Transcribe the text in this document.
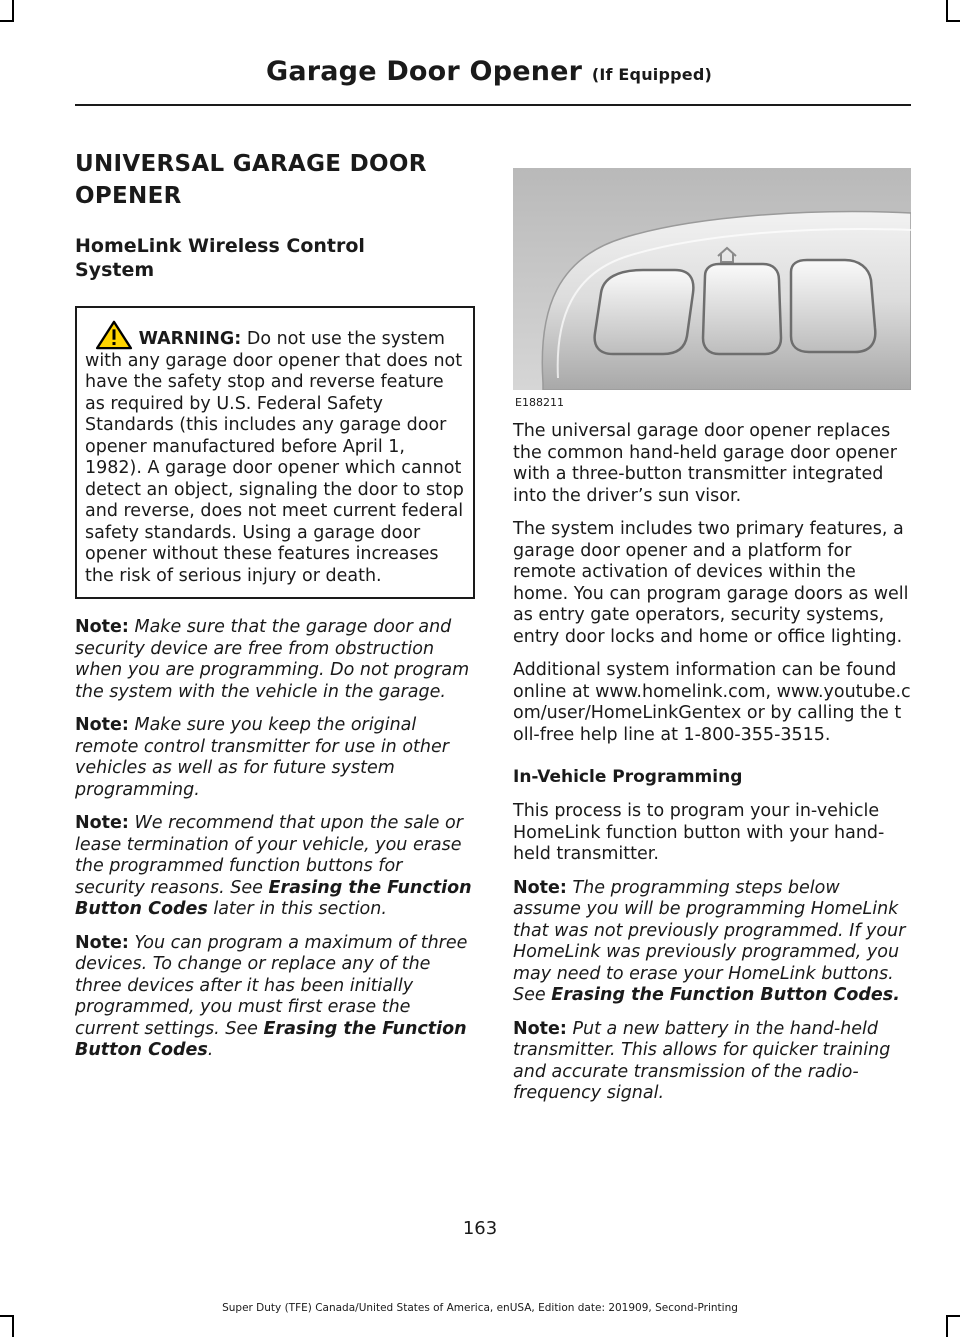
Garage Door Opener (If Equipped)
UNIVERSAL GARAGE DOOR
OPENER
HomeLink Wireless Control System
WARNING: Do not use the system with any garage door opener that does not have the safety stop and reverse feature as required by U.S. Federal Safety Standards (this includes any garage door opener manufactured before April 1, 1982). A garage door opener which cannot detect an object, signaling the door to stop and reverse, does not meet current federal safety standards. Using a garage door opener without these features increases the risk of serious injury or death.

Note: Make sure that the garage door and security device are free from obstruction when you are programming. Do not program the system with the vehicle in the garage.

Note: Make sure you keep the original remote control transmitter for use in other vehicles as well as for future system programming.

Note: We recommend that upon the sale or lease termination of your vehicle, you erase the programmed function buttons for security reasons. See Erasing the Function Button Codes later in this section.

Note: You can program a maximum of three devices. To change or replace any of the three devices after it has been initially programmed, you must first erase the current settings. See Erasing the Function Button Codes.

E188211

The universal garage door opener replaces the common hand-held garage door opener with a three-button transmitter integrated into the driver’s sun visor.

The system includes two primary features, a garage door opener and a platform for remote activation of devices within the home. You can program garage doors as well as entry gate operators, security systems, entry door locks and home or office lighting.

Additional system information can be found online at www.homelink.com, www.youtube.com/user/HomeLinkGentex or by calling the toll-free help line at 1-800-355-3515.

In-Vehicle Programming

This process is to program your in-vehicle HomeLink function button with your hand-held transmitter.

Note: The programming steps below assume you will be programming HomeLink that was not previously programmed. If your HomeLink was previously programmed, you may need to erase your HomeLink buttons. See Erasing the Function Button Codes.

Note: Put a new battery in the hand-held transmitter. This allows for quicker training and accurate transmission of the radio-frequency signal.

163
Super Duty (TFE) Canada/United States of America, enUSA, Edition date: 201909, Second-Printing
